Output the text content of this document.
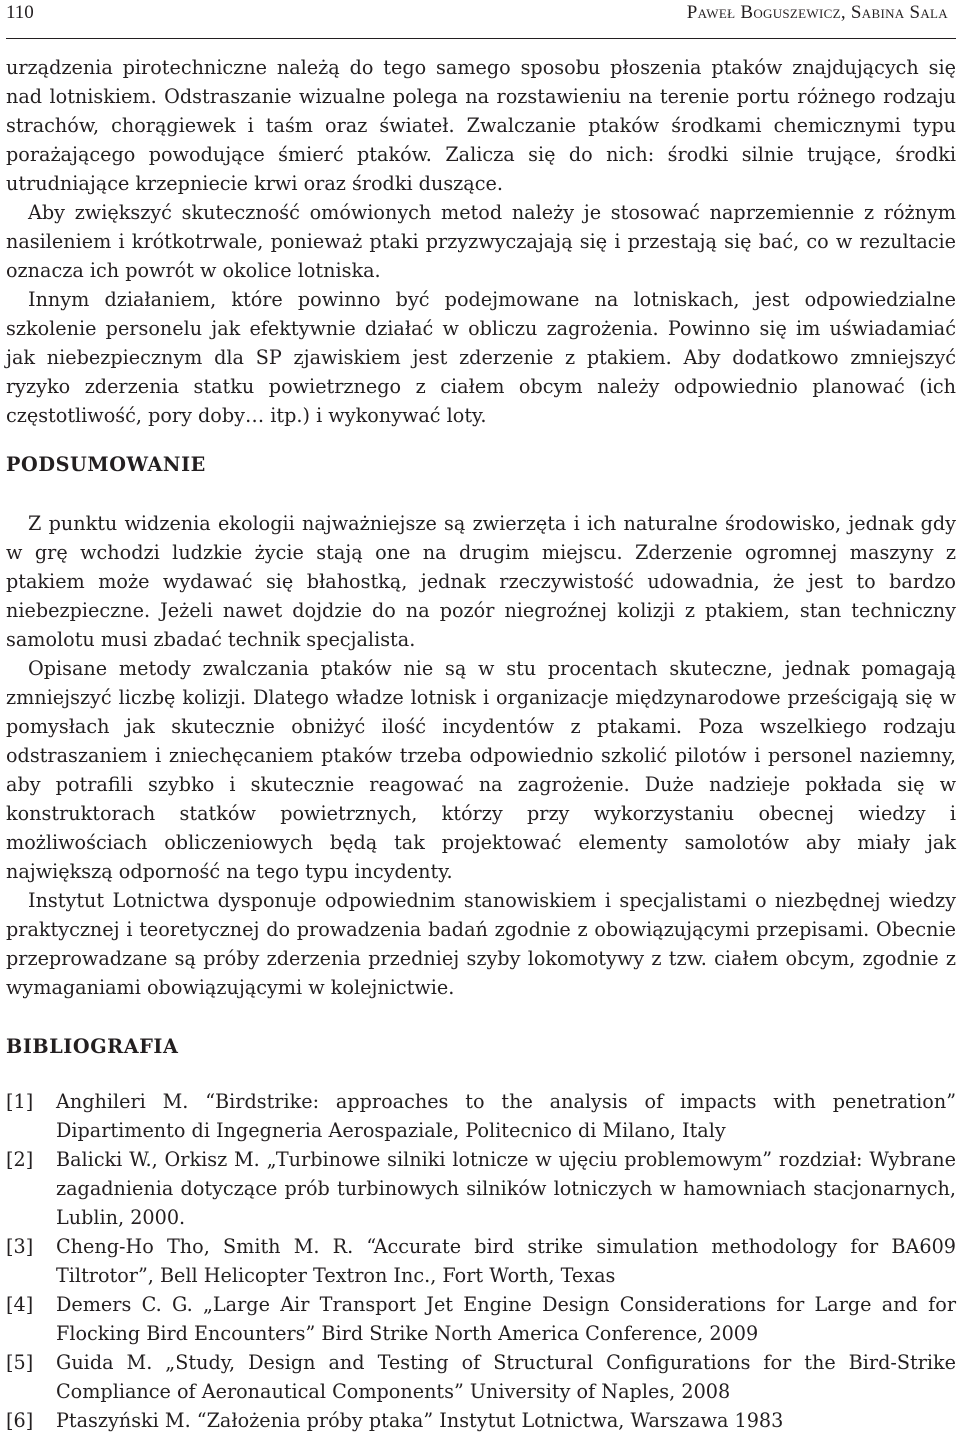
110	Paweł Boguszewicz, Sabina Sala

urządzenia pirotechniczne należą do tego samego sposobu płoszenia ptaków znajdujących się nad lotniskiem. Odstraszanie wizualne polega na rozstawieniu na terenie portu różnego rodzaju strachów, chorągiewek i taśm oraz świateł. Zwalczanie ptaków środkami chemicznymi typu porażającego powodujące śmierć ptaków. Zalicza się do nich: środki silnie trujące, środki utrudniające krzepniecie krwi oraz środki duszące.

Aby zwiększyć skuteczność omówionych metod należy je stosować naprzemiennie z różnym nasileniem i krótkotrwale, ponieważ ptaki przyzwyczajają się i przestają się bać, co w rezultacie oznacza ich powrót w okolice lotniska.

Innym działaniem, które powinno być podejmowane na lotniskach, jest odpowiedzialne szkolenie personelu jak efektywnie działać w obliczu zagrożenia. Powinno się im uświadamiać jak niebezpiecznym dla SP zjawiskiem jest zderzenie z ptakiem. Aby dodatkowo zmniejszyć ryzyko zderzenia statku powietrznego z ciałem obcym należy odpowiednio planować (ich częstotliwość, pory doby… itp.) i wykonywać loty.

PODSUMOWANIE

Z punktu widzenia ekologii najważniejsze są zwierzęta i ich naturalne środowisko, jednak gdy w grę wchodzi ludzkie życie stają one na drugim miejscu. Zderzenie ogromnej maszyny z ptakiem może wydawać się błahostką, jednak rzeczywistość udowadnia, że jest to bardzo niebezpieczne. Jeżeli nawet dojdzie do na pozór niegroźnej kolizji z ptakiem, stan techniczny samolotu musi zbadać technik specjalista.

Opisane metody zwalczania ptaków nie są w stu procentach skuteczne, jednak pomagają zmniejszyć liczbę kolizji. Dlatego władze lotnisk i organizacje międzynarodowe prześcigają się w pomysłach jak skutecznie obniżyć ilość incydentów z ptakami. Poza wszelkiego rodzaju odstraszaniem i zniechęcaniem ptaków trzeba odpowiednio szkolić pilotów i personel naziemny, aby potrafili szybko i skutecznie reagować na zagrożenie. Duże nadzieje pokłada się w konstruktorach statków powietrznych, którzy przy wykorzystaniu obecnej wiedzy i możliwościach obliczeniowych będą tak projektować elementy samolotów aby miały jak największą odporność na tego typu incydenty.

Instytut Lotnictwa dysponuje odpowiednim stanowiskiem i specjalistami o niezbędnej wiedzy praktycznej i teoretycznej do prowadzenia badań zgodnie z obowiązującymi przepisami. Obecnie przeprowadzane są próby zderzenia przedniej szyby lokomotywy z tzw. ciałem obcym, zgodnie z wymaganiami obowiązującymi w kolejnictwie.

BIBLIOGRAFIA
[1]	Anghileri M. “Birdstrike: approaches to the analysis of impacts with penetration” Dipartimento di Ingegneria Aerospaziale, Politecnico di Milano, Italy
[2]	Balicki W., Orkisz M. „Turbinowe silniki lotnicze w ujęciu problemowym” rozdział: Wybrane zagadnienia dotyczące prób turbinowych silników lotniczych w hamowniach stacjonarnych, Lublin, 2000.
[3]	Cheng-Ho Tho, Smith M. R. “Accurate bird strike simulation methodology for BA609 Tiltrotor”, Bell Helicopter Textron Inc., Fort Worth, Texas
[4]	Demers C. G. „Large Air Transport Jet Engine Design Considerations for Large and for Flocking Bird Encounters” Bird Strike North America Conference, 2009
[5]	Guida M. „Study, Design and Testing of Structural Configurations for the Bird-Strike Compliance of Aeronautical Components” University of Naples, 2008
[6]	Ptaszyński M. “Założenia próby ptaka” Instytut Lotnictwa, Warszawa 1983
